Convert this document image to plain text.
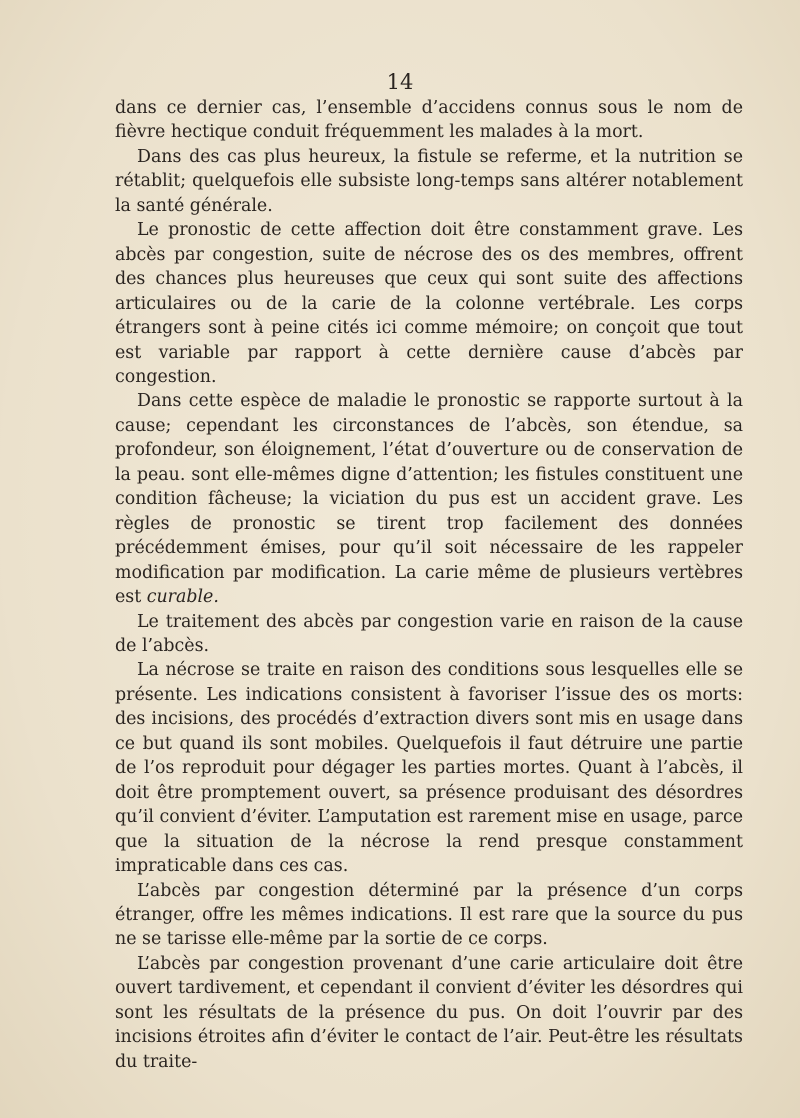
14

dans ce dernier cas, l’ensemble d’accidens connus sous le nom de fièvre hectique conduit fréquemment les malades à la mort.

Dans des cas plus heureux, la fistule se referme, et la nutrition se rétablit; quelquefois elle subsiste long-temps sans altérer notablement la santé générale.

Le pronostic de cette affection doit être constamment grave. Les abcès par congestion, suite de nécrose des os des membres, offrent des chances plus heureuses que ceux qui sont suite des affections articulaires ou de la carie de la colonne vertébrale. Les corps étrangers sont à peine cités ici comme mémoire; on conçoit que tout est variable par rapport à cette dernière cause d’abcès par congestion.

Dans cette espèce de maladie le pronostic se rapporte surtout à la cause; cependant les circonstances de l’abcès, son étendue, sa profondeur, son éloignement, l’état d’ouverture ou de conservation de la peau. sont elle-mêmes digne d’attention; les fistules constituent une condition fâcheuse; la viciation du pus est un accident grave. Les règles de pronostic se tirent trop facilement des données précédemment émises, pour qu’il soit nécessaire de les rappeler modification par modification. La carie même de plusieurs vertèbres est curable.

Le traitement des abcès par congestion varie en raison de la cause de l’abcès.

La nécrose se traite en raison des conditions sous lesquelles elle se présente. Les indications consistent à favoriser l’issue des os morts: des incisions, des procédés d’extraction divers sont mis en usage dans ce but quand ils sont mobiles. Quelquefois il faut détruire une partie de l’os reproduit pour dégager les parties mortes. Quant à l’abcès, il doit être promptement ouvert, sa présence produisant des désordres qu’il convient d’éviter. L’amputation est rarement mise en usage, parce que la situation de la nécrose la rend presque constamment impraticable dans ces cas.

L’abcès par congestion déterminé par la présence d’un corps étranger, offre les mêmes indications. Il est rare que la source du pus ne se tarisse elle-même par la sortie de ce corps.

L’abcès par congestion provenant d’une carie articulaire doit être ouvert tardivement, et cependant il convient d’éviter les désordres qui sont les résultats de la présence du pus. On doit l’ouvrir par des incisions étroites afin d’éviter le contact de l’air. Peut-être les résultats du traite-
